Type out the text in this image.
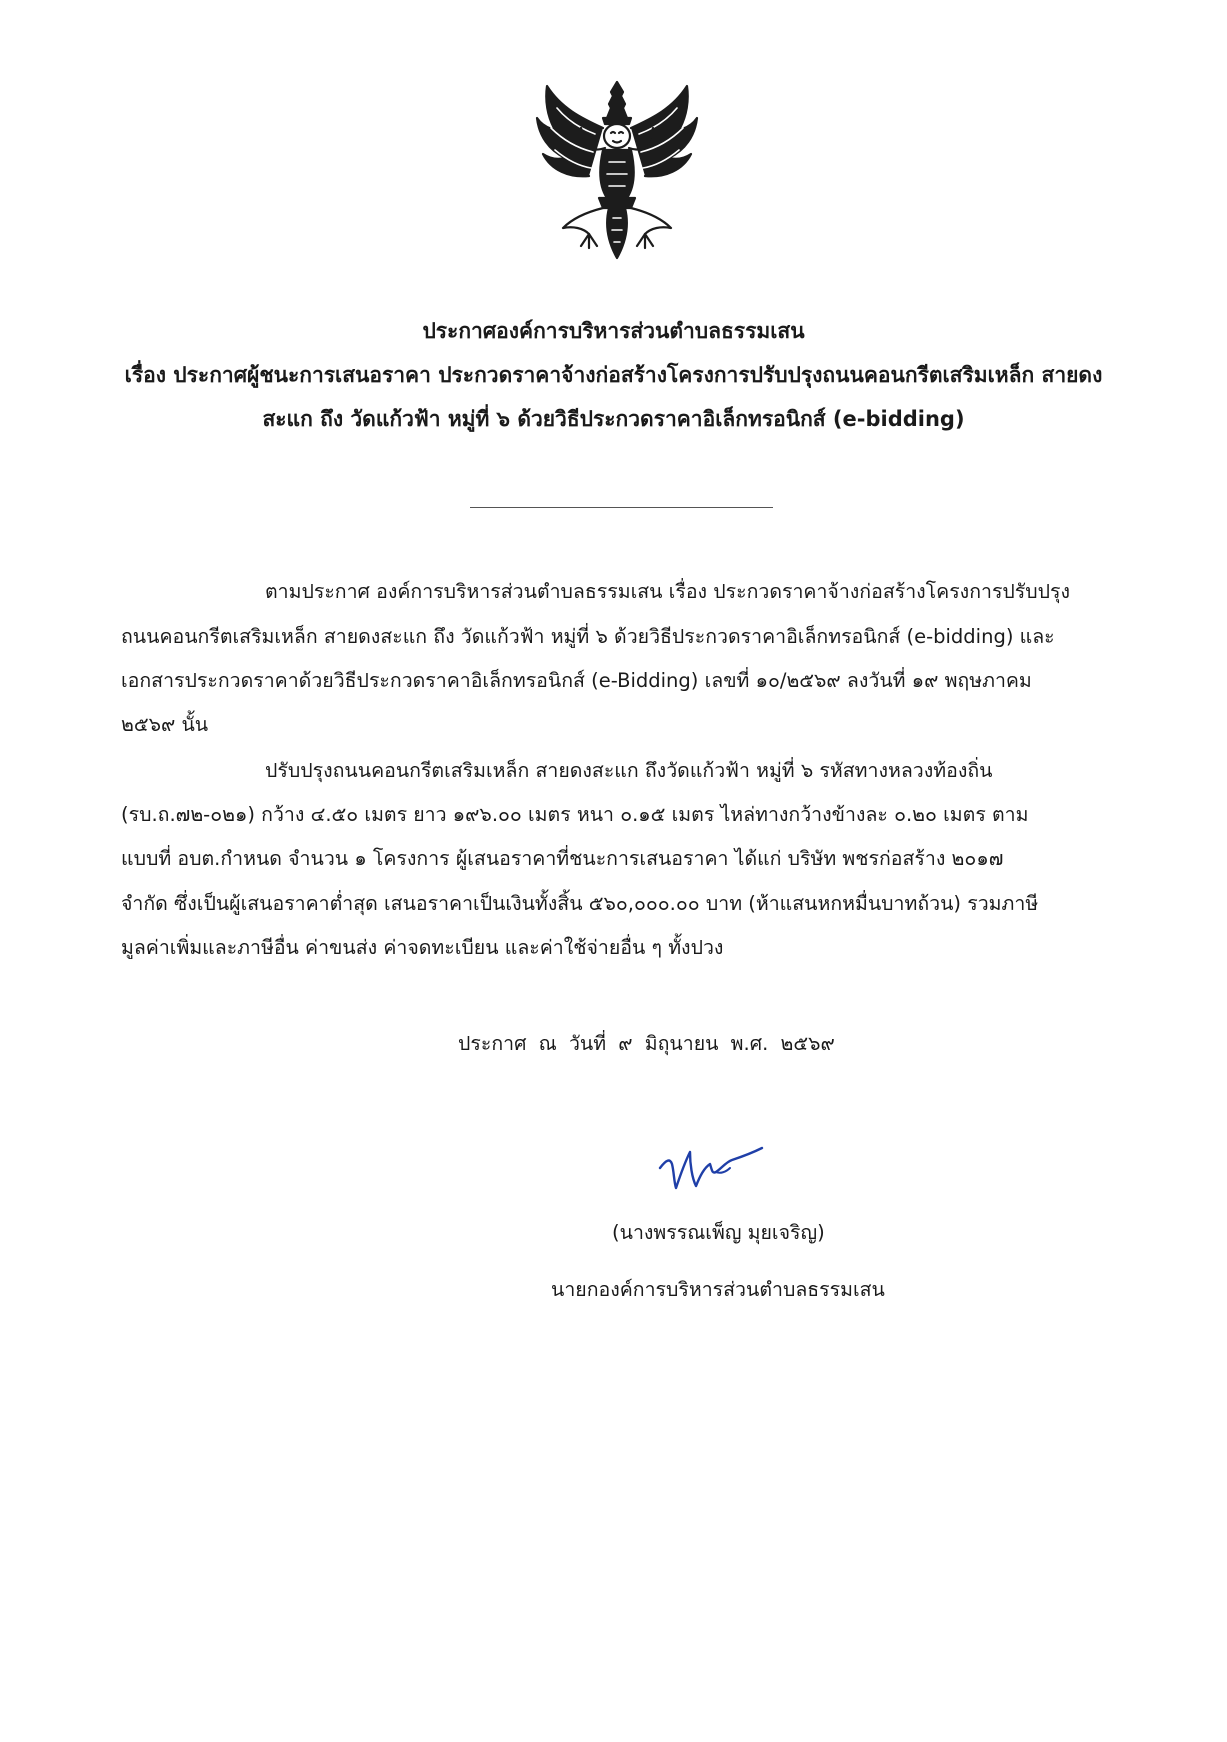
ประกาศองค์การบริหารส่วนตำบลธรรมเสน
เรื่อง ประกาศผู้ชนะการเสนอราคา ประกวดราคาจ้างก่อสร้างโครงการปรับปรุงถนนคอนกรีตเสริมเหล็ก สายดง
สะแก ถึง วัดแก้วฟ้า หมู่ที่ ๖ ด้วยวิธีประกวดราคาอิเล็กทรอนิกส์ (e-bidding)
ตามประกาศ องค์การบริหารส่วนตำบลธรรมเสน เรื่อง ประกวดราคาจ้างก่อสร้างโครงการปรับปรุง
ถนนคอนกรีตเสริมเหล็ก สายดงสะแก ถึง วัดแก้วฟ้า หมู่ที่ ๖ ด้วยวิธีประกวดราคาอิเล็กทรอนิกส์ (e-bidding) และ
เอกสารประกวดราคาด้วยวิธีประกวดราคาอิเล็กทรอนิกส์ (e-Bidding) เลขที่ ๑๐/๒๕๖๙ ลงวันที่ ๑๙ พฤษภาคม
๒๕๖๙ นั้น
ปรับปรุงถนนคอนกรีตเสริมเหล็ก สายดงสะแก ถึงวัดแก้วฟ้า หมู่ที่ ๖ รหัสทางหลวงท้องถิ่น
(รบ.ถ.๗๒-๐๒๑) กว้าง ๔.๕๐ เมตร ยาว ๑๙๖.๐๐ เมตร หนา ๐.๑๕ เมตร ไหล่ทางกว้างข้างละ ๐.๒๐ เมตร ตาม
แบบที่ อบต.กำหนด จำนวน ๑ โครงการ ผู้เสนอราคาที่ชนะการเสนอราคา ได้แก่ บริษัท พชรก่อสร้าง ๒๐๑๗
จำกัด ซึ่งเป็นผู้เสนอราคาต่ำสุด เสนอราคาเป็นเงินทั้งสิ้น ๕๖๐,๐๐๐.๐๐ บาท (ห้าแสนหกหมื่นบาทถ้วน) รวมภาษี
มูลค่าเพิ่มและภาษีอื่น ค่าขนส่ง ค่าจดทะเบียน และค่าใช้จ่ายอื่น ๆ ทั้งปวง
ประกาศ ณ วันที่ ๙ มิถุนายน พ.ศ. ๒๕๖๙
(นางพรรณเพ็ญ มุยเจริญ)
นายกองค์การบริหารส่วนตำบลธรรมเสน
